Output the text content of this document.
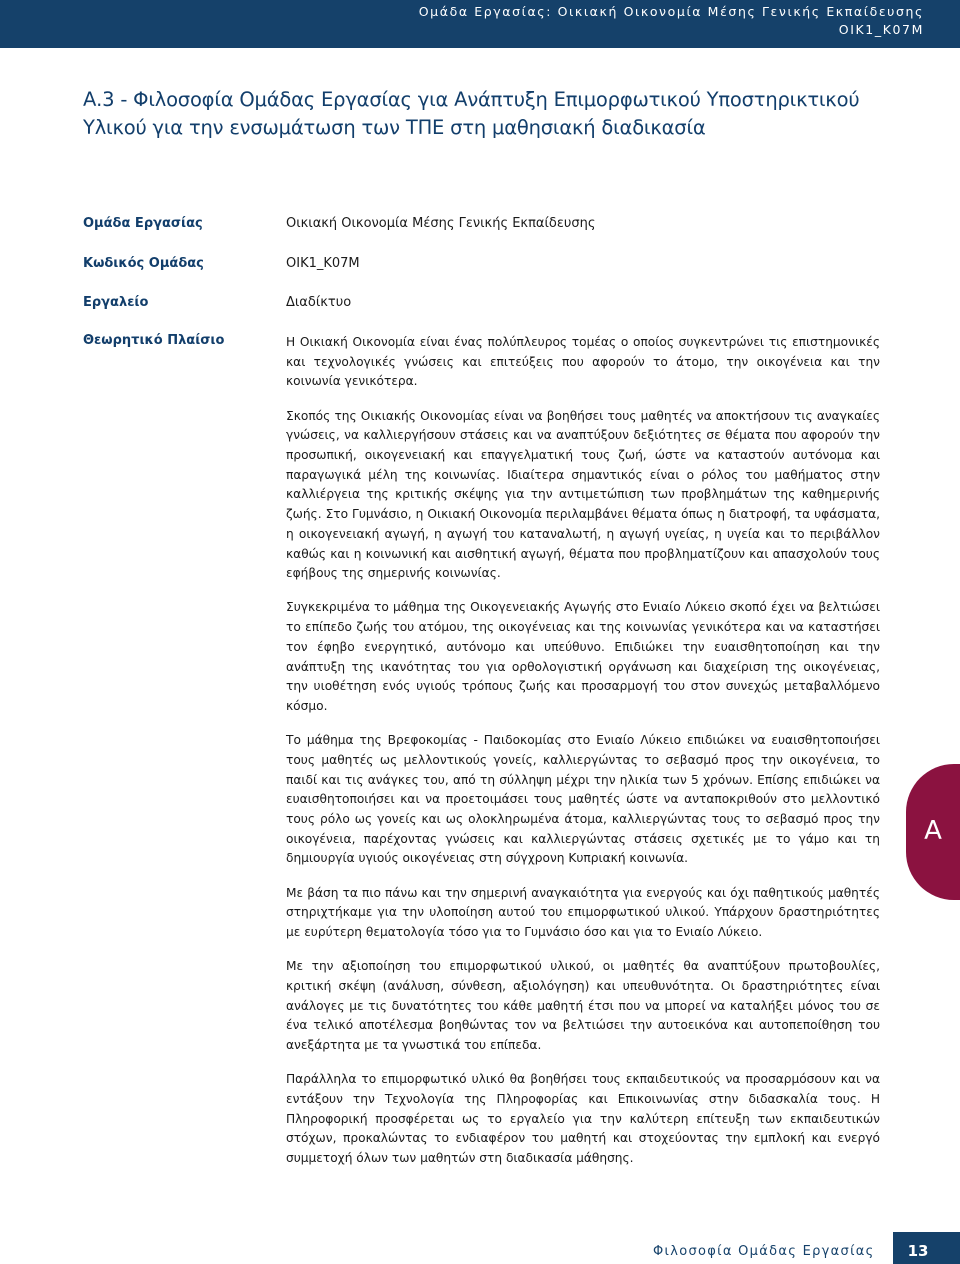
Ομάδα Εργασίας: Οικιακή Οικονομία Μέσης Γενικής Εκπαίδευσης
ΟΙΚ1_Κ07Μ
Α.3 - Φιλοσοφία Ομάδας Εργασίας για Ανάπτυξη Επιμορφωτικού Υποστηρικτικού
Υλικού για την ενσωμάτωση των ΤΠΕ στη μαθησιακή διαδικασία
Ομάδα Εργασίας	Οικιακή Οικονομία Μέσης Γενικής Εκπαίδευσης
Κωδικός Ομάδας	ΟΙΚ1_Κ07Μ
Εργαλείο	Διαδίκτυο
Θεωρητικό Πλαίσιο	Η Οικιακή Οικονομία είναι ένας πολύπλευρος τομέας ο οποίος συγκεντρώνει τις επιστημονικές και τεχνολογικές γνώσεις και επιτεύξεις που αφορούν το άτομο, την οικογένεια και την κοινωνία γενικότερα.

Σκοπός της Οικιακής Οικονομίας είναι να βοηθήσει τους μαθητές να αποκτήσουν τις αναγκαίες γνώσεις, να καλλιεργήσουν στάσεις και να αναπτύξουν δεξιότητες σε θέματα που αφορούν την προσωπική, οικογενειακή και επαγγελματική τους ζωή, ώστε να καταστούν αυτόνομα και παραγωγικά μέλη της κοινωνίας. Ιδιαίτερα σημαντικός είναι ο ρόλος του μαθήματος στην καλλιέργεια της κριτικής σκέψης για την αντιμετώπιση των προβλημάτων της καθημερινής ζωής. Στο Γυμνάσιο, η Οικιακή Οικονομία περιλαμβάνει θέματα όπως η διατροφή, τα υφάσματα, η οικογενειακή αγωγή, η αγωγή του καταναλωτή, η αγωγή υγείας, η υγεία και το περιβάλλον καθώς και η κοινωνική και αισθητική αγωγή, θέματα που προβληματίζουν και απασχολούν τους εφήβους της σημερινής κοινωνίας.

Συγκεκριμένα το μάθημα της Οικογενειακής Αγωγής στο Ενιαίο Λύκειο σκοπό έχει να βελτιώσει το επίπεδο ζωής του ατόμου, της οικογένειας και της κοινωνίας γενικότερα και να καταστήσει τον έφηβο ενεργητικό, αυτόνομο και υπεύθυνο. Επιδιώκει την ευαισθητοποίηση και την ανάπτυξη της ικανότητας του για ορθολογιστική οργάνωση και διαχείριση της οικογένειας, την υιοθέτηση ενός υγιούς τρόπους ζωής και προσαρμογή του στον συνεχώς μεταβαλλόμενο κόσμο.

Το μάθημα της Βρεφοκομίας - Παιδοκομίας στο Ενιαίο Λύκειο επιδιώκει να ευαισθητοποιήσει τους μαθητές ως μελλοντικούς γονείς, καλλιεργώντας το σεβασμό προς την οικογένεια, το παιδί και τις ανάγκες του, από τη σύλληψη μέχρι την ηλικία των 5 χρόνων. Επίσης επιδιώκει να ευαισθητοποιήσει και να προετοιμάσει τους μαθητές ώστε να ανταποκριθούν στο μελλοντικό τους ρόλο ως γονείς και ως ολοκληρωμένα άτομα, καλλιεργώντας τους το σεβασμό προς την οικογένεια, παρέχοντας γνώσεις και καλλιεργώντας στάσεις σχετικές με το γάμο και τη δημιουργία υγιούς οικογένειας στη σύγχρονη Κυπριακή κοινωνία.

Με βάση τα πιο πάνω και την σημερινή αναγκαιότητα για ενεργούς και όχι παθητικούς μαθητές στηριχτήκαμε για την υλοποίηση αυτού του επιμορφωτικού υλικού. Υπάρχουν δραστηριότητες με ευρύτερη θεματολογία τόσο για το Γυμνάσιο όσο και για το Ενιαίο Λύκειο.

Με την αξιοποίηση του επιμορφωτικού υλικού, οι μαθητές θα αναπτύξουν πρωτοβουλίες, κριτική σκέψη (ανάλυση, σύνθεση, αξιολόγηση) και υπευθυνότητα. Οι δραστηριότητες είναι ανάλογες με τις δυνατότητες του κάθε μαθητή έτσι που να μπορεί να καταλήξει μόνος του σε ένα τελικό αποτέλεσμα βοηθώντας τον να βελτιώσει την αυτοεικόνα και αυτοπεποίθηση του ανεξάρτητα με τα γνωστικά του επίπεδα.

Παράλληλα το επιμορφωτικό υλικό θα βοηθήσει τους εκπαιδευτικούς να προσαρμόσουν και να εντάξουν την Τεχνολογία της Πληροφορίας και Επικοινωνίας στην διδασκαλία τους. Η Πληροφορική προσφέρεται ως το εργαλείο για την καλύτερη επίτευξη των εκπαιδευτικών στόχων, προκαλώντας το ενδιαφέρον του μαθητή και στοχεύοντας την εμπλοκή και ενεργό συμμετοχή όλων των μαθητών στη διαδικασία μάθησης.

Α
Φιλοσοφία Ομάδας Εργασίας	13
